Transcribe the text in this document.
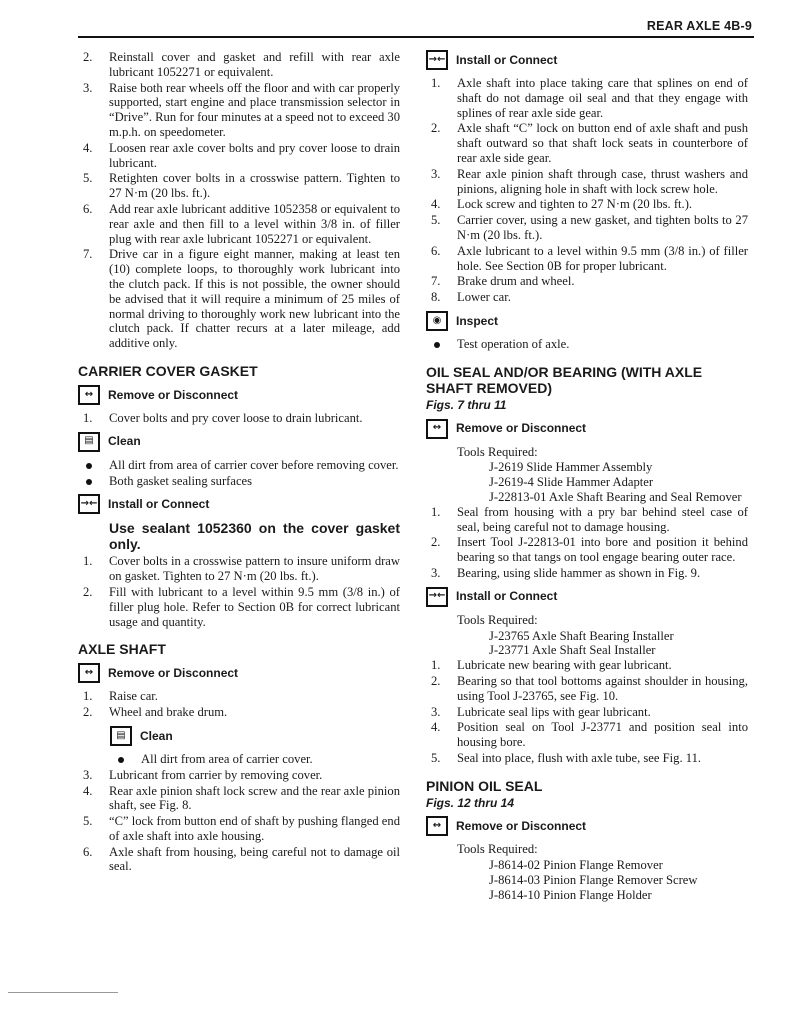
REAR AXLE 4B-9
2. Reinstall cover and gasket and refill with rear axle lubricant 1052271 or equivalent.
3. Raise both rear wheels off the floor and with car properly supported, start engine and place transmission selector in “Drive”. Run for four minutes at a speed not to exceed 30 m.p.h. on speedometer.
4. Loosen rear axle cover bolts and pry cover loose to drain lubricant.
5. Retighten cover bolts in a crosswise pattern. Tighten to 27 N·m (20 lbs. ft.).
6. Add rear axle lubricant additive 1052358 or equivalent to rear axle and then fill to a level within 3/8 in. of filler plug with rear axle lubricant 1052271 or equivalent.
7. Drive car in a figure eight manner, making at least ten (10) complete loops, to thoroughly work lubricant into the clutch pack. If this is not possible, the owner should be advised that it will require a minimum of 25 miles of normal driving to thoroughly work new lubricant into the clutch pack. If chatter recurs at a later mileage, add additive only.
CARRIER COVER GASKET
↔	Remove or Disconnect
1. Cover bolts and pry cover loose to drain lubricant.
▤	Clean
All dirt from area of carrier cover before removing cover.
Both gasket sealing surfaces
→← Install or Connect
Use sealant 1052360 on the cover gasket only.
1. Cover bolts in a crosswise pattern to insure uniform draw on gasket. Tighten to 27 N·m (20 lbs. ft.).
2. Fill with lubricant to a level within 9.5 mm (3/8 in.) of filler plug hole. Refer to Section 0B for correct lubricant usage and quantity.
AXLE SHAFT
↔	Remove or Disconnect
1. Raise car.
2. Wheel and brake drum.
▤	Clean
All dirt from area of carrier cover.
3. Lubricant from carrier by removing cover.
4. Rear axle pinion shaft lock screw and the rear axle pinion shaft, see Fig. 8.
5. “C” lock from button end of shaft by pushing flanged end of axle shaft into axle housing.
6. Axle shaft from housing, being careful not to damage oil seal.
→← Install or Connect
1. Axle shaft into place taking care that splines on end of shaft do not damage oil seal and that they engage with splines of rear axle side gear.
2. Axle shaft “C” lock on button end of axle shaft and push shaft outward so that shaft lock seats in counterbore of rear axle side gear.
3. Rear axle pinion shaft through case, thrust washers and pinions, aligning hole in shaft with lock screw hole.
4. Lock screw and tighten to 27 N·m (20 lbs. ft.).
5. Carrier cover, using a new gasket, and tighten bolts to 27 N·m (20 lbs. ft.).
6. Axle lubricant to a level within 9.5 mm (3/8 in.) of filler hole. See Section 0B for proper lubricant.
7. Brake drum and wheel.
8. Lower car.
◉	Inspect
Test operation of axle.
OIL SEAL AND/OR BEARING (WITH AXLE SHAFT REMOVED)
Figs. 7 thru 11
↔	Remove or Disconnect
Tools Required:
J-2619 Slide Hammer Assembly
J-2619-4 Slide Hammer Adapter
J-22813-01 Axle Shaft Bearing and Seal Remover
1. Seal from housing with a pry bar behind steel case of seal, being careful not to damage housing.
2. Insert Tool J-22813-01 into bore and position it behind bearing so that tangs on tool engage bearing outer race.
3. Bearing, using slide hammer as shown in Fig. 9.
→← Install or Connect
Tools Required:
J-23765 Axle Shaft Bearing Installer
J-23771 Axle Shaft Seal Installer
1. Lubricate new bearing with gear lubricant.
2. Bearing so that tool bottoms against shoulder in housing, using Tool J-23765, see Fig. 10.
3. Lubricate seal lips with gear lubricant.
4. Position seal on Tool J-23771 and position seal into housing bore.
5. Seal into place, flush with axle tube, see Fig. 11.
PINION OIL SEAL
Figs. 12 thru 14
↔	Remove or Disconnect
Tools Required:
J-8614-02 Pinion Flange Remover
J-8614-03 Pinion Flange Remover Screw
J-8614-10 Pinion Flange Holder
